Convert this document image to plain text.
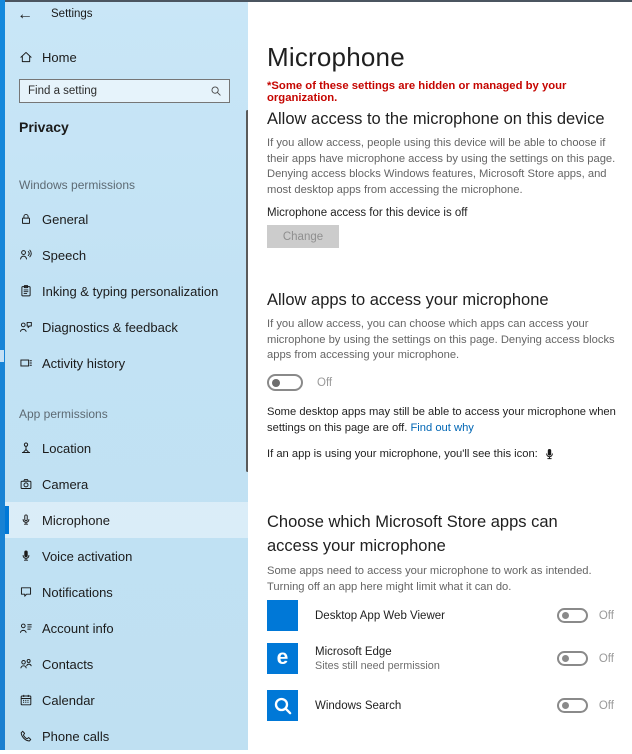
← Settings
Home
Find a setting
Privacy
Windows permissions
General
Speech
Inking & typing personalization
Diagnostics & feedback
Activity history
App permissions
Location
Camera
Microphone
Voice activation
Notifications
Account info
Contacts
Calendar
Phone calls
Microphone
*Some of these settings are hidden or managed by your organization.
Allow access to the microphone on this device
If you allow access, people using this device will be able to choose if their apps have microphone access by using the settings on this page. Denying access blocks Windows features, Microsoft Store apps, and most desktop apps from accessing the microphone.
Microphone access for this device is off
Change
Allow apps to access your microphone
If you allow access, you can choose which apps can access your microphone by using the settings on this page. Denying access blocks apps from accessing your microphone.
Off
Some desktop apps may still be able to access your microphone when settings on this page are off. Find out why
If an app is using your microphone, you'll see this icon:
Choose which Microsoft Store apps can access your microphone
Some apps need to access your microphone to work as intended. Turning off an app here might limit what it can do.
Desktop App Web Viewer	Off
e Microsoft Edge
Sites still need permission
Off
Windows Search	Off
